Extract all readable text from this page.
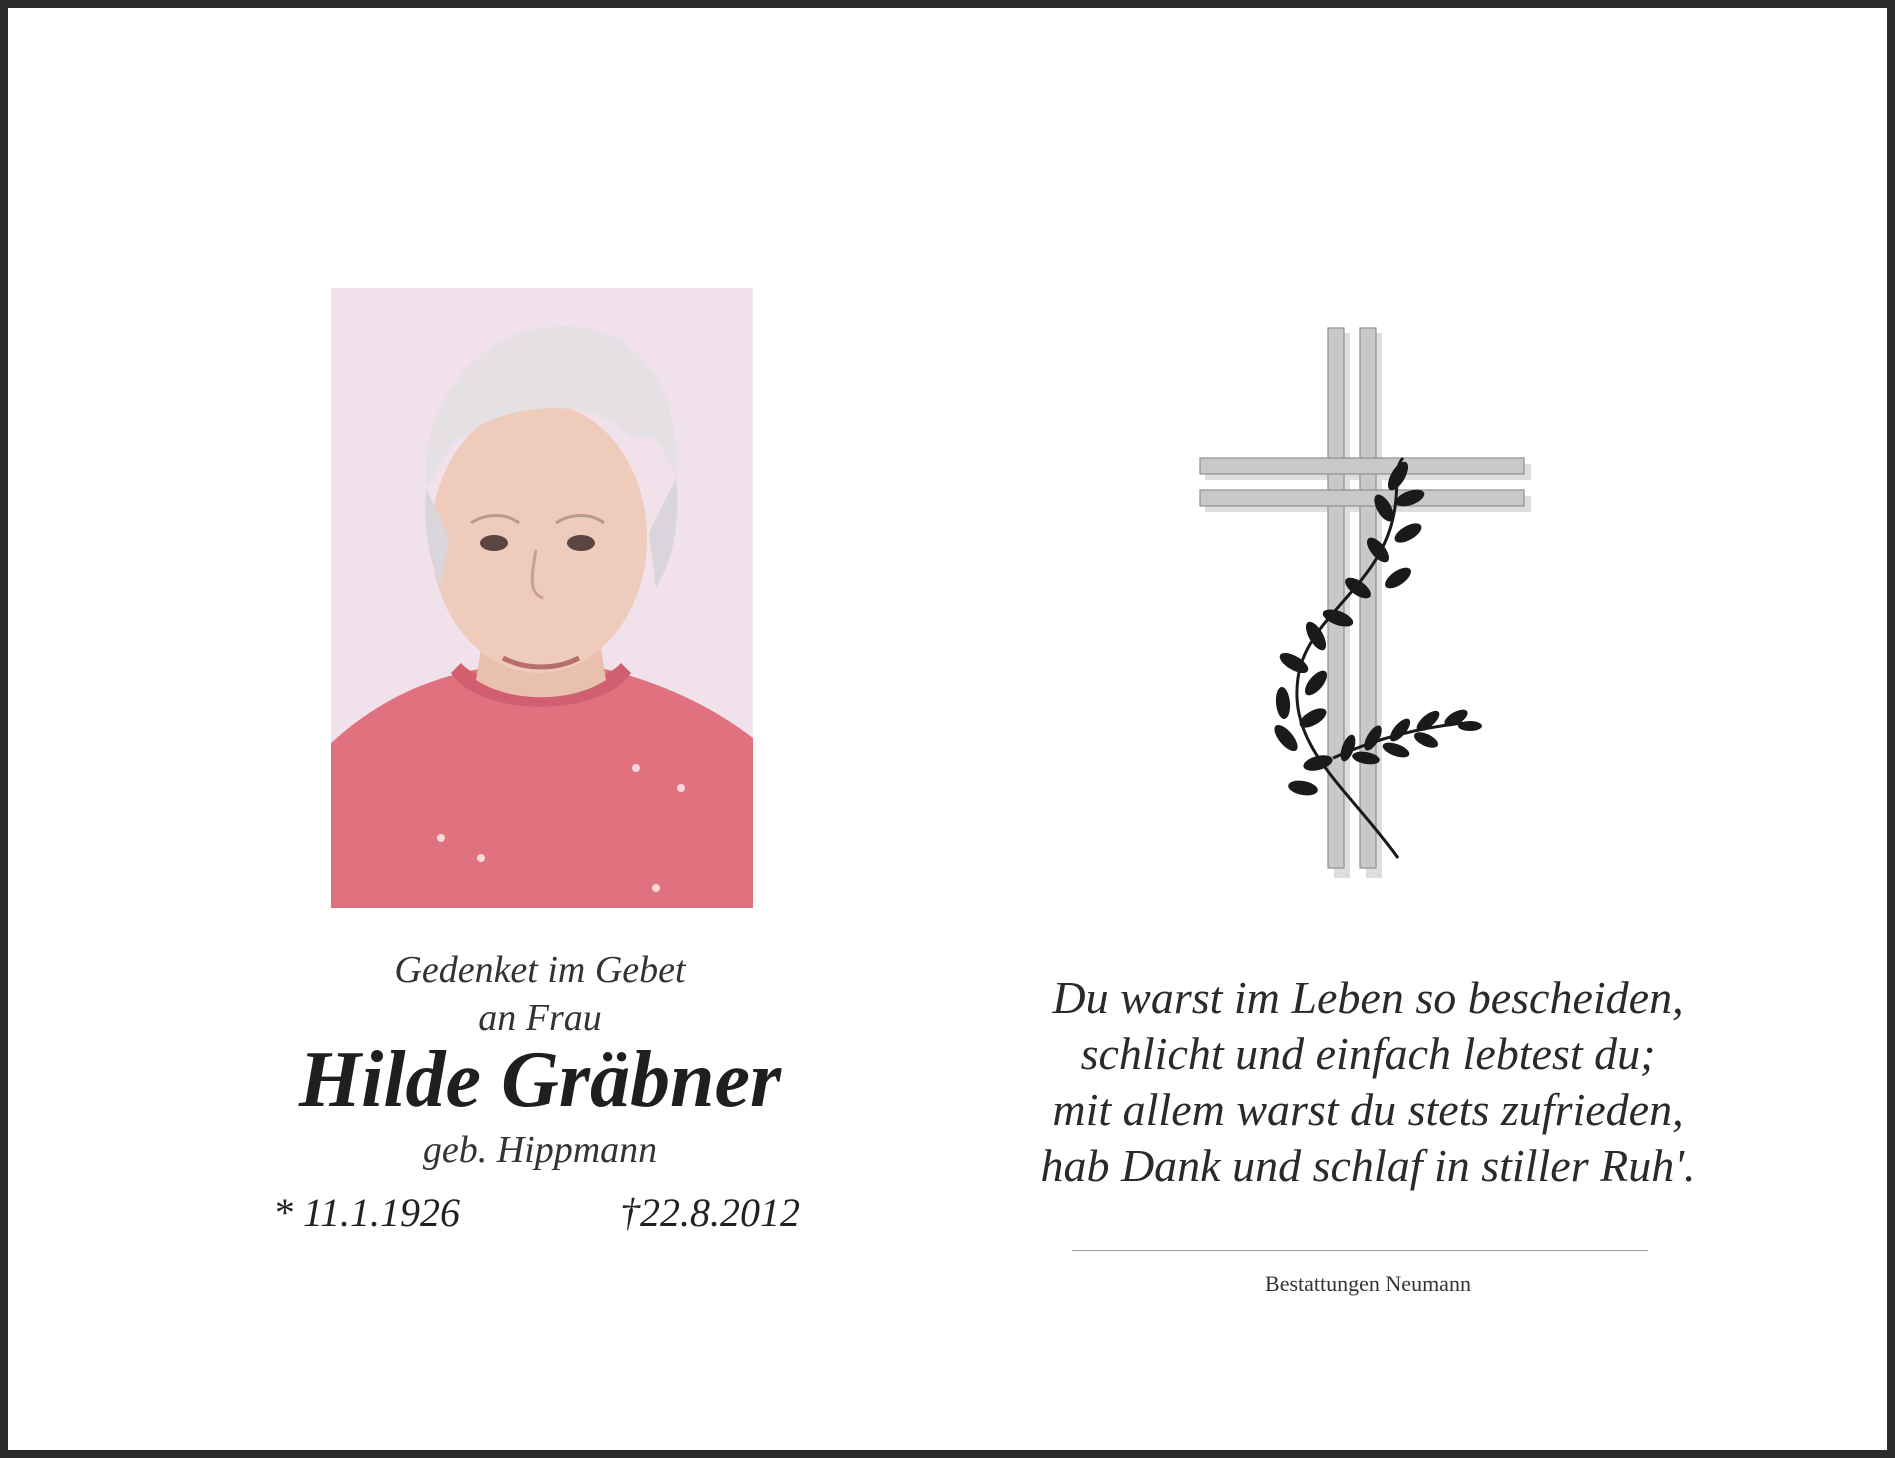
Gedenket im Gebet
an Frau
Hilde Gräbner
geb. Hippmann
* 11.1.1926	†22.8.2012
Du warst im Leben so bescheiden,
schlicht und einfach lebtest du;
mit allem warst du stets zufrieden,
hab Dank und schlaf in stiller Ruh'.
Bestattungen Neumann
